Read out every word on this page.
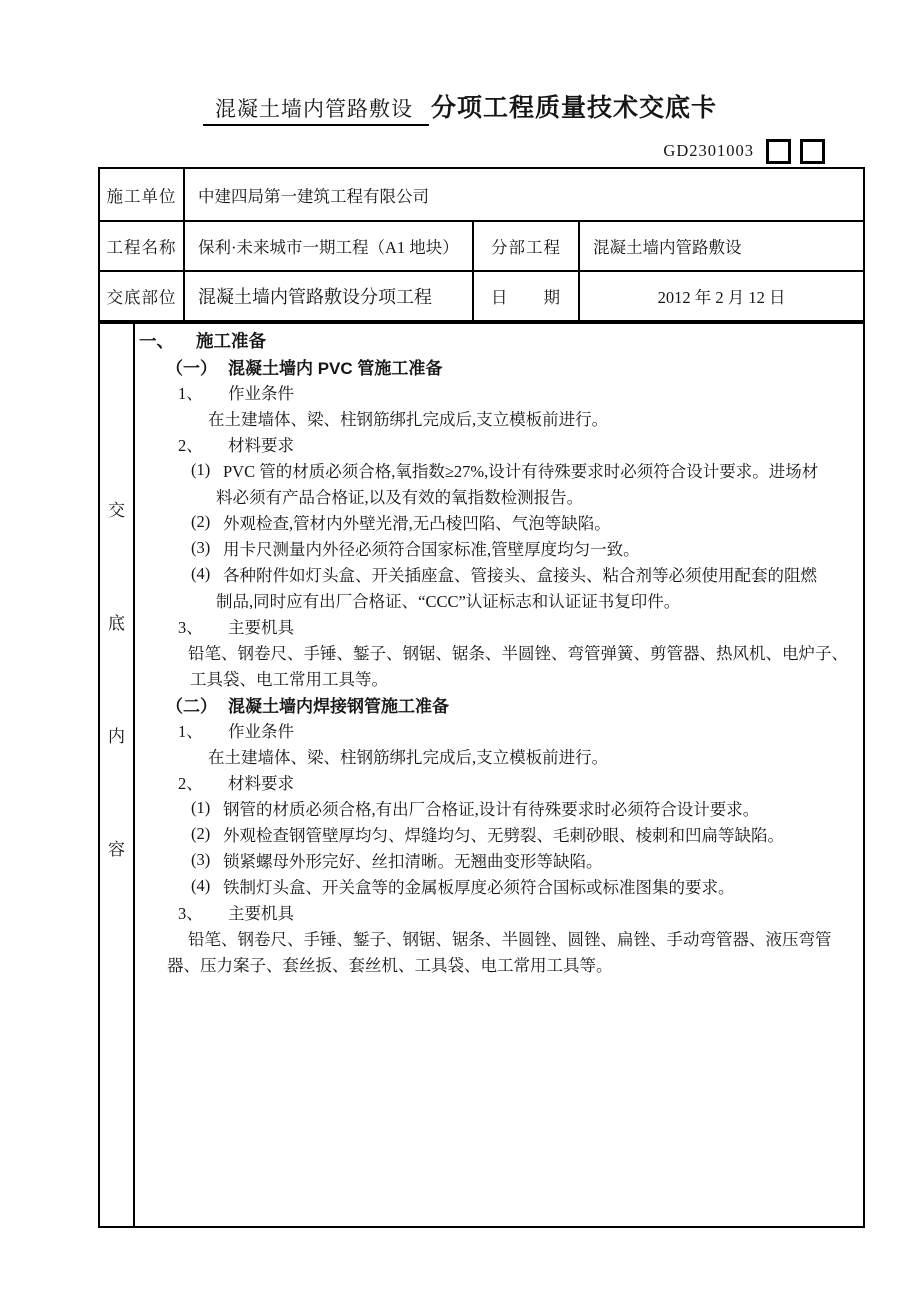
混凝土墙内管路敷设 分项工程质量技术交底卡
GD2301003
施工单位	中建四局第一建筑工程有限公司
工程名称	保利·未来城市一期工程（A1 地块）	分部工程	混凝土墙内管路敷设
交底部位	混凝土墙内管路敷设分项工程	日　　期	2012 年 2 月 12 日
交
底
内
容
一、	施工准备
（一） 混凝土墙内 PVC 管施工准备
1、	作业条件
在土建墙体、梁、柱钢筋绑扎完成后,支立模板前进行。
2、	材料要求
(1) PVC 管的材质必须合格,氧指数≥27%,设计有待殊要求时必须符合设计要求。进场材
料必须有产品合格证,以及有效的氧指数检测报告。
(2) 外观检查,管材内外壁光滑,无凸棱凹陷、气泡等缺陷。
(3) 用卡尺测量内外径必须符合国家标准,管壁厚度均匀一致。
(4) 各种附件如灯头盒、开关插座盒、管接头、盒接头、粘合剂等必须使用配套的阻燃
制品,同时应有出厂合格证、“CCC”认证标志和认证证书复印件。
3、	主要机具
铅笔、钢卷尺、手锤、錾子、钢锯、锯条、半圆锉、弯管弹簧、剪管器、热风机、电炉子、
工具袋、电工常用工具等。
（二） 混凝土墙内焊接钢管施工准备
1、	作业条件
在土建墙体、梁、柱钢筋绑扎完成后,支立模板前进行。
2、	材料要求
(1) 钢管的材质必须合格,有出厂合格证,设计有待殊要求时必须符合设计要求。
(2) 外观检查钢管壁厚均匀、焊缝均匀、无劈裂、毛刺砂眼、棱刺和凹扁等缺陷。
(3) 锁紧螺母外形完好、丝扣清晰。无翘曲变形等缺陷。
(4) 铁制灯头盒、开关盒等的金属板厚度必须符合国标或标准图集的要求。
3、	主要机具
铅笔、钢卷尺、手锤、錾子、钢锯、锯条、半圆锉、圆锉、扁锉、手动弯管器、液压弯管
器、压力案子、套丝扳、套丝机、工具袋、电工常用工具等。
